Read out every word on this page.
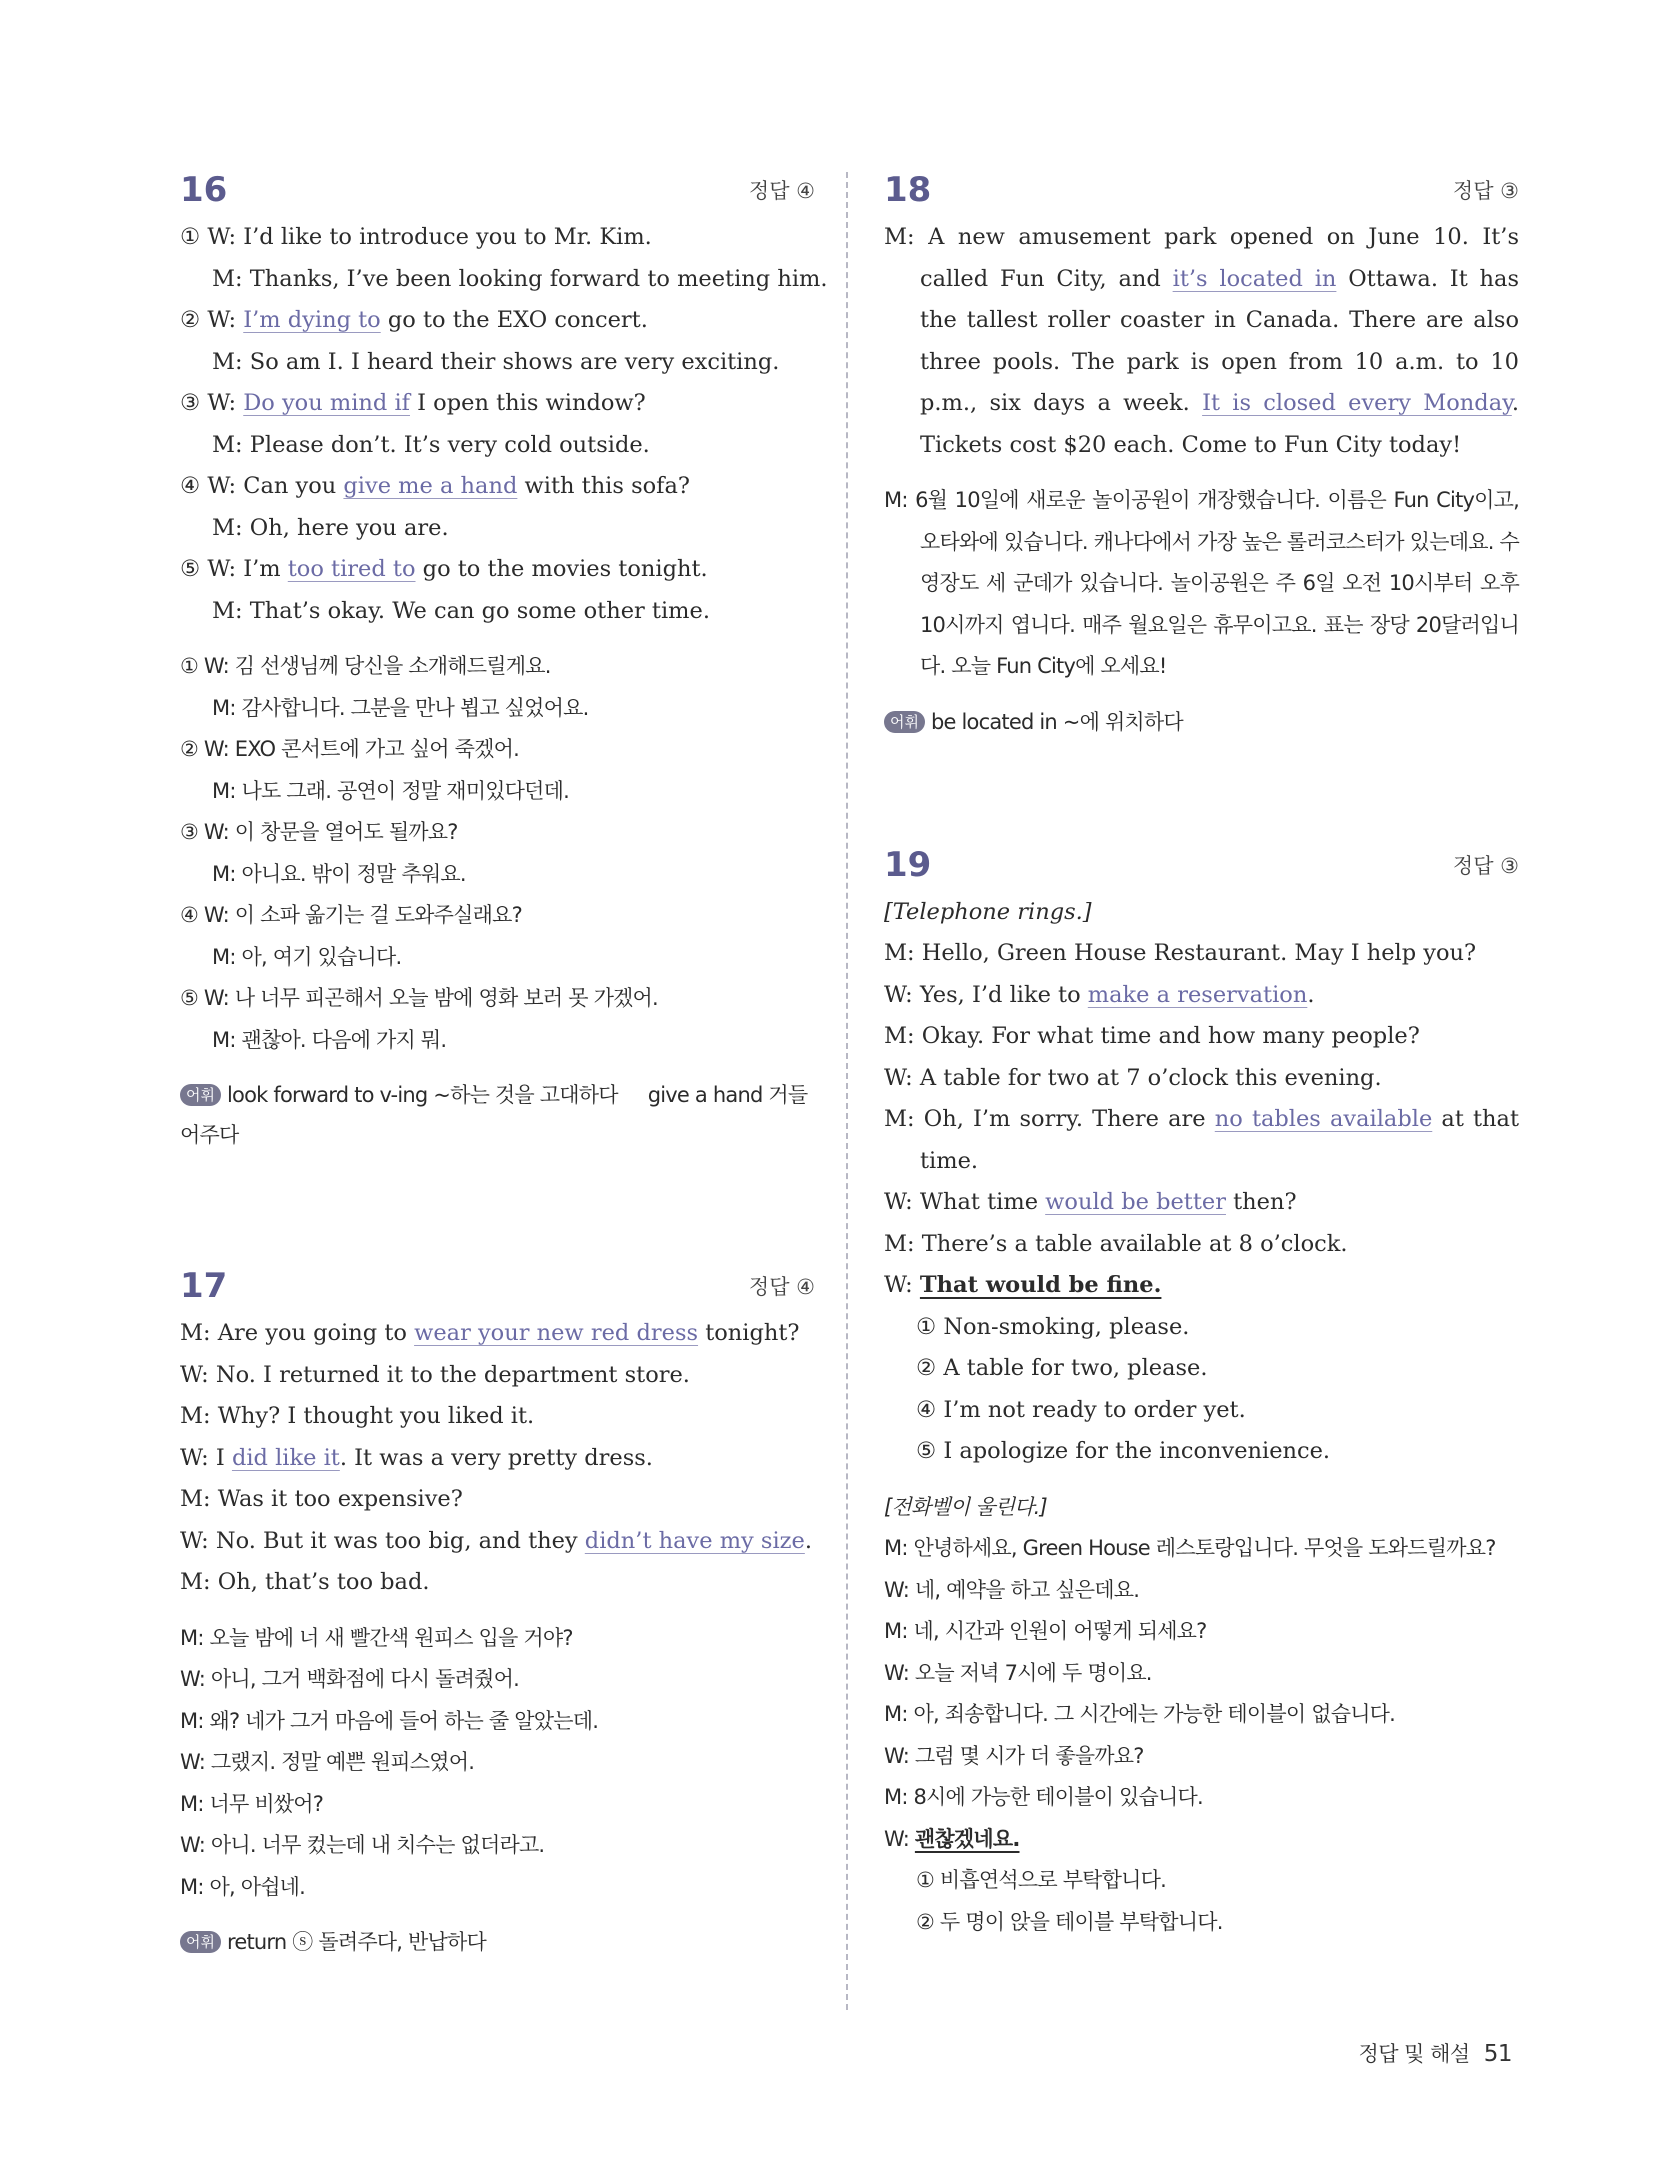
16	정답 ④
① W: I’d like to introduce you to Mr. Kim.
M: Thanks, I’ve been looking forward to meeting him.
② W: I’m dying to go to the EXO concert.
M: So am I. I heard their shows are very exciting.
③ W: Do you mind if I open this window?
M: Please don’t. It’s very cold outside.
④ W: Can you give me a hand with this sofa?
M: Oh, here you are.
⑤ W: I’m too tired to go to the movies tonight.
M: That’s okay. We can go some other time.
① W: 김 선생님께 당신을 소개해드릴게요.
M: 감사합니다. 그분을 만나 뵙고 싶었어요.
② W: EXO 콘서트에 가고 싶어 죽겠어.
M: 나도 그래. 공연이 정말 재미있다던데.
③ W: 이 창문을 열어도 될까요?
M: 아니요. 밖이 정말 추워요.
④ W: 이 소파 옮기는 걸 도와주실래요?
M: 아, 여기 있습니다.
⑤ W: 나 너무 피곤해서 오늘 밤에 영화 보러 못 가겠어.
M: 괜찮아. 다음에 가지 뭐.
어휘 look forward to v-ing ~하는 것을 고대하다 give a hand 거들어주다
17	정답 ④
M: Are you going to wear your new red dress tonight?
W: No. I returned it to the department store.
M: Why? I thought you liked it.
W: I did like it. It was a very pretty dress.
M: Was it too expensive?
W: No. But it was too big, and they didn’t have my size.
M: Oh, that’s too bad.
M: 오늘 밤에 너 새 빨간색 원피스 입을 거야?
W: 아니, 그거 백화점에 다시 돌려줬어.
M: 왜? 네가 그거 마음에 들어 하는 줄 알았는데.
W: 그랬지. 정말 예쁜 원피스였어.
M: 너무 비쌌어?
W: 아니. 너무 컸는데 내 치수는 없더라고.
M: 아, 아쉽네.
어휘 return ⓢ 돌려주다, 반납하다
18	정답 ③
M: A new amusement park opened on June 10. It’s called Fun City, and it’s located in Ottawa. It has the tallest roller coaster in Canada. There are also three pools. The park is open from 10 a.m. to 10 p.m., six days a week. It is closed every Monday. Tickets cost $20 each. Come to Fun City today!
M: 6월 10일에 새로운 놀이공원이 개장했습니다. 이름은 Fun City이고, 오타와에 있습니다. 캐나다에서 가장 높은 롤러코스터가 있는데요. 수영장도 세 군데가 있습니다. 놀이공원은 주 6일 오전 10시부터 오후 10시까지 엽니다. 매주 월요일은 휴무이고요. 표는 장당 20달러입니다. 오늘 Fun City에 오세요!
어휘 be located in ~에 위치하다
19	정답 ③
[Telephone rings.]
M: Hello, Green House Restaurant. May I help you?
W: Yes, I’d like to make a reservation.
M: Okay. For what time and how many people?
W: A table for two at 7 o’clock this evening.
M: Oh, I’m sorry. There are no tables available at that time.
W: What time would be better then?
M: There’s a table available at 8 o’clock.
W: That would be fine.
① Non-smoking, please.
② A table for two, please.
④ I’m not ready to order yet.
⑤ I apologize for the inconvenience.
[전화벨이 울린다.]
M: 안녕하세요, Green House 레스토랑입니다. 무엇을 도와드릴까요?
W: 네, 예약을 하고 싶은데요.
M: 네, 시간과 인원이 어떻게 되세요?
W: 오늘 저녁 7시에 두 명이요.
M: 아, 죄송합니다. 그 시간에는 가능한 테이블이 없습니다.
W: 그럼 몇 시가 더 좋을까요?
M: 8시에 가능한 테이블이 있습니다.
W: 괜찮겠네요.
① 비흡연석으로 부탁합니다.
② 두 명이 앉을 테이블 부탁합니다.
정답 및 해설 51
